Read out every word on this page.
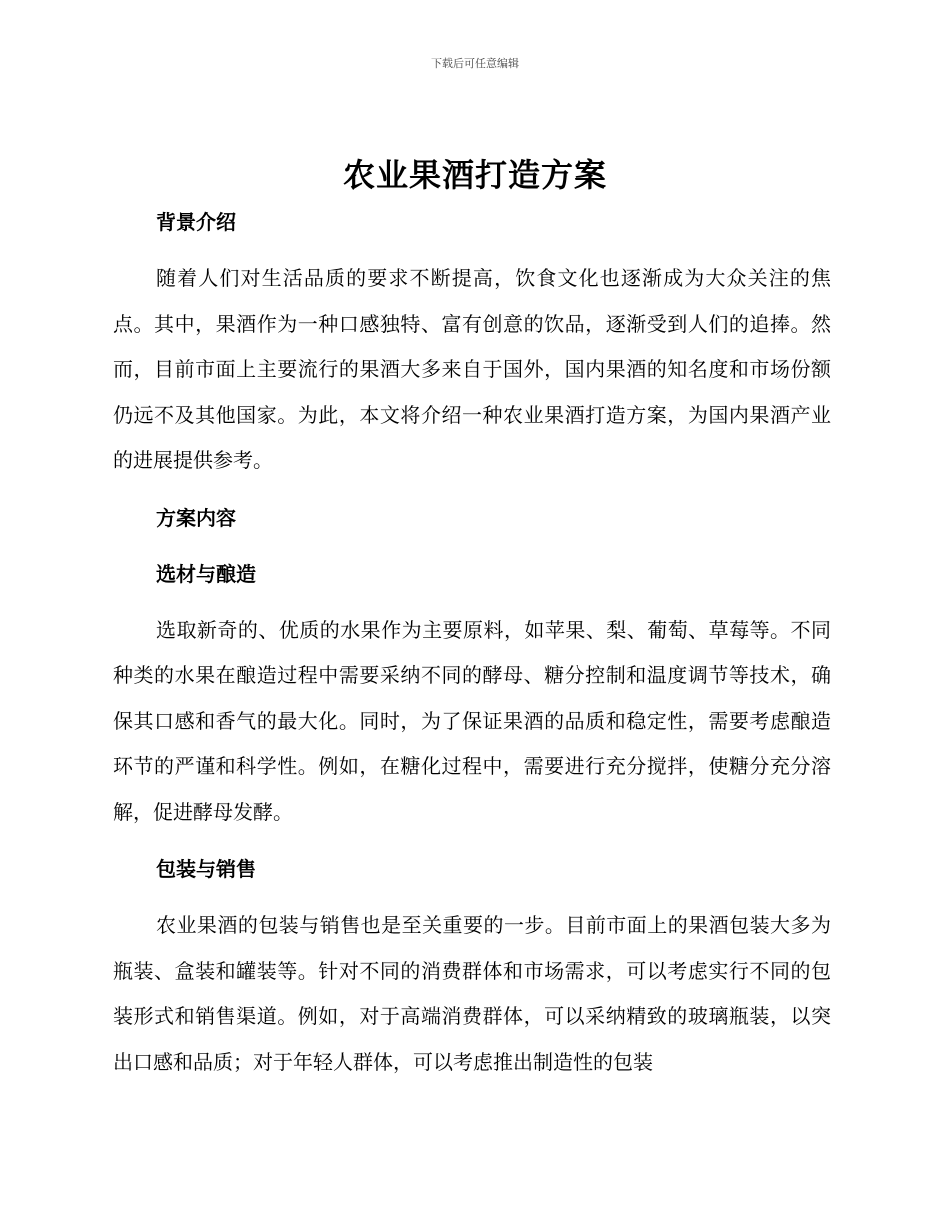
下载后可任意编辑
农业果酒打造方案
背景介绍

随着人们对生活品质的要求不断提高，饮食文化也逐渐成为大众关注的焦点。其中，果酒作为一种口感独特、富有创意的饮品，逐渐受到人们的追捧。然而，目前市面上主要流行的果酒大多来自于国外，国内果酒的知名度和市场份额仍远不及其他国家。为此，本文将介绍一种农业果酒打造方案，为国内果酒产业的进展提供参考。

方案内容
选材与酿造

选取新奇的、优质的水果作为主要原料，如苹果、梨、葡萄、草莓等。不同种类的水果在酿造过程中需要采纳不同的酵母、糖分控制和温度调节等技术，确保其口感和香气的最大化。同时，为了保证果酒的品质和稳定性，需要考虑酿造环节的严谨和科学性。例如，在糖化过程中，需要进行充分搅拌，使糖分充分溶解，促进酵母发酵。

包装与销售

农业果酒的包装与销售也是至关重要的一步。目前市面上的果酒包装大多为瓶装、盒装和罐装等。针对不同的消费群体和市场需求，可以考虑实行不同的包装形式和销售渠道。例如，对于高端消费群体，可以采纳精致的玻璃瓶装，以突出口感和品质；对于年轻人群体，可以考虑推出制造性的包装
